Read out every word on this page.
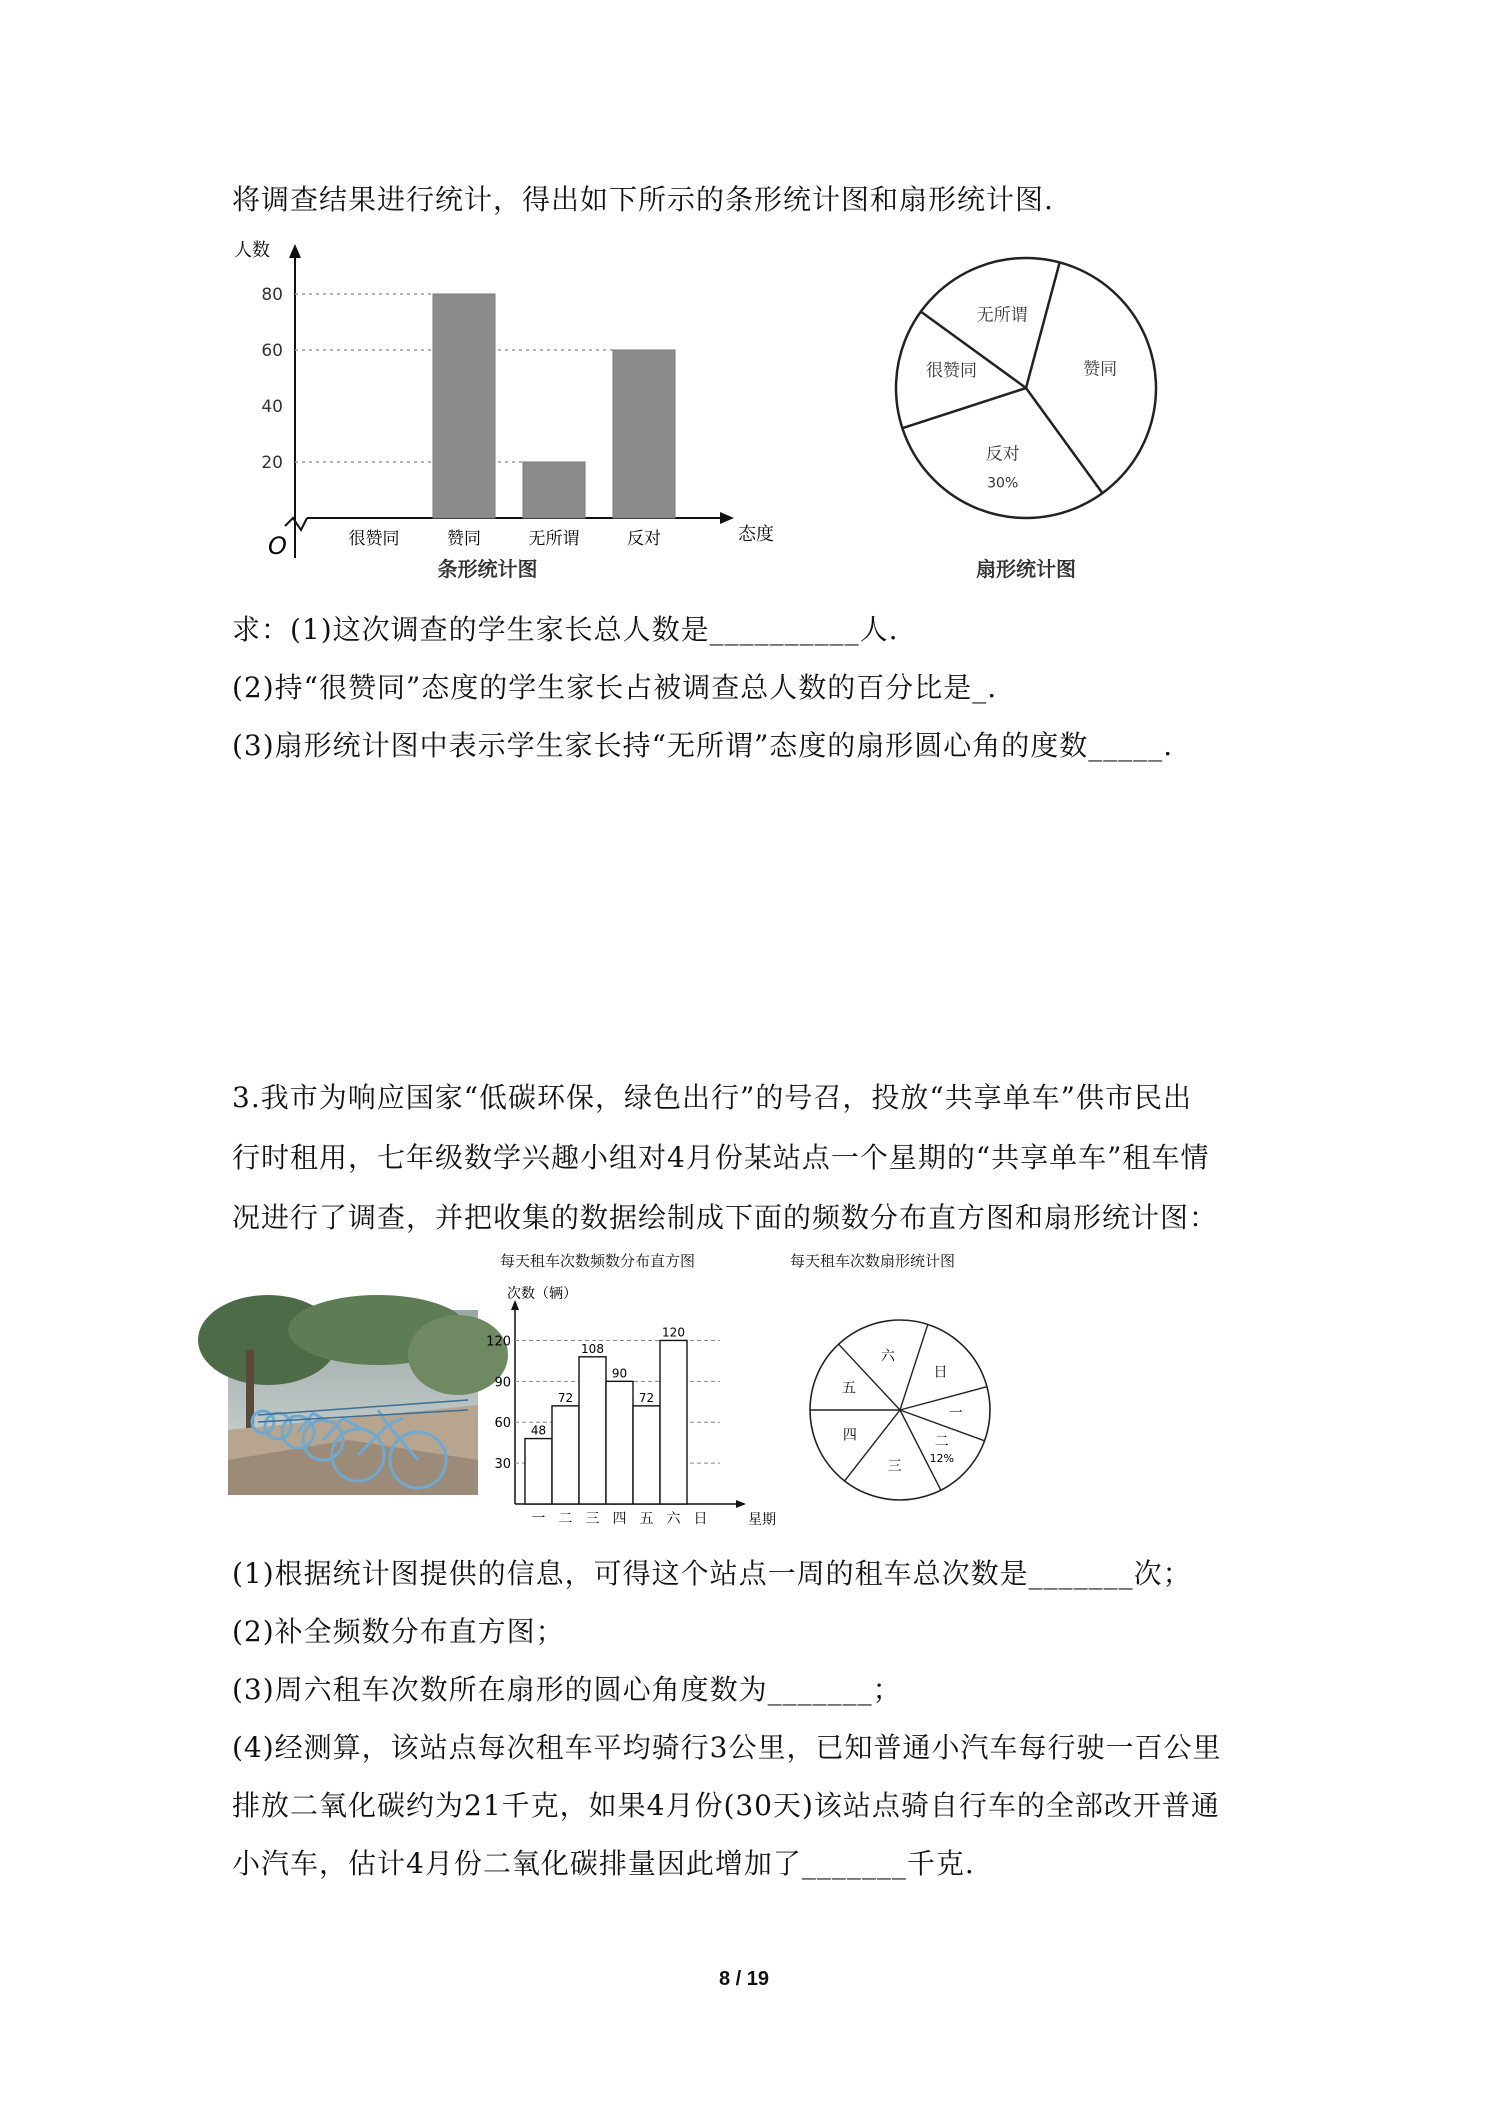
将调查结果进行统计，得出如下所示的条形统计图和扇形统计图.
人数
态度
O
20
40
60
80
很赞同	赞同	无所谓	反对
条形统计图
赞同
反对
30%
很赞同
无所谓
扇形统计图
求：(1)这次调查的学生家长总人数是__________人.
(2)持“很赞同”态度的学生家长占被调查总人数的百分比是_.
(3)扇形统计图中表示学生家长持“无所谓”态度的扇形圆心角的度数_____.
3.我市为响应国家“低碳环保，绿色出行”的号召，投放“共享单车”供市民出
行时租用，七年级数学兴趣小组对4月份某站点一个星期的“共享单车”租车情
况进行了调查，并把收集的数据绘制成下面的频数分布直方图和扇形统计图：
每天租车次数频数分布直方图	每天租车次数扇形统计图
次数（辆）
星期
30
60
90
120
48
一
72
二
108
三
90
四
72
五
120
六 日
日
一
二
12%
三
四
五
六
(1)根据统计图提供的信息，可得这个站点一周的租车总次数是_______次；
(2)补全频数分布直方图；
(3)周六租车次数所在扇形的圆心角度数为_______；
(4)经测算，该站点每次租车平均骑行3公里，已知普通小汽车每行驶一百公里
排放二氧化碳约为21千克，如果4月份(30天)该站点骑自行车的全部改开普通
小汽车，估计4月份二氧化碳排量因此增加了_______千克.
8 / 19
